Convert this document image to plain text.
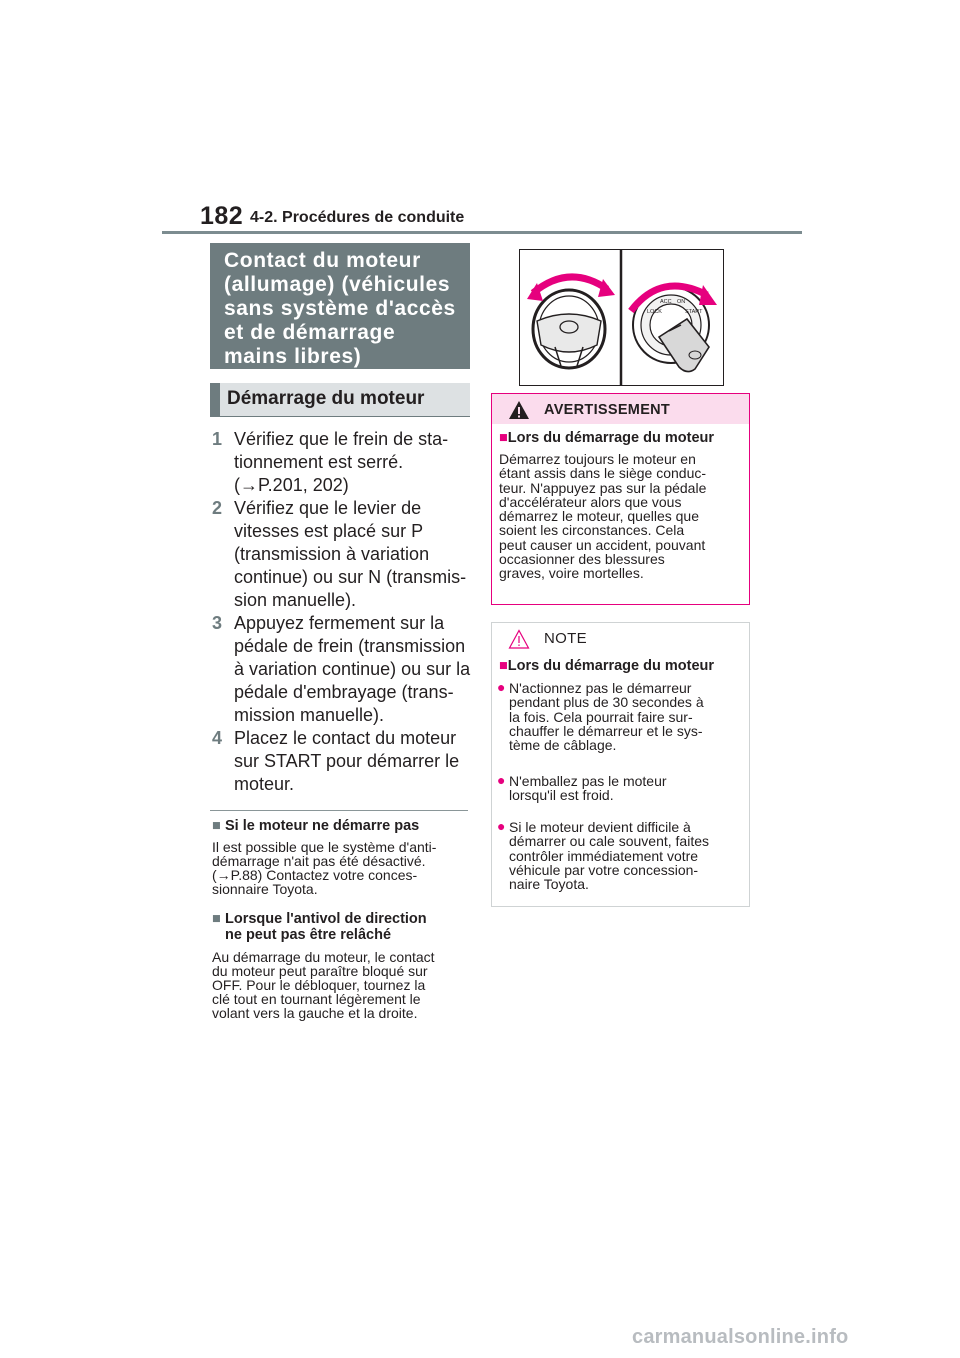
182 4-2. Procédures de conduite
Contact du moteur
(allumage) (véhicules
sans système d'accès
et de démarrage
mains libres)
Démarrage du moteur
1 Vérifiez que le frein de sta-
tionnement est serré.
(→P.201, 202)
2 Vérifiez que le levier de
vitesses est placé sur P
(transmission à variation
continue) ou sur N (transmis-
sion manuelle).
3 Appuyez fermement sur la
pédale de frein (transmission
à variation continue) ou sur la
pédale d'embrayage (trans-
mission manuelle).
4 Placez le contact du moteur
sur START pour démarrer le
moteur.
■ Si le moteur ne démarre pas
Il est possible que le système d'anti-
démarrage n'ait pas été désactivé.
(→P.88) Contactez votre conces-
sionnaire Toyota.
■ Lorsque l'antivol de direction
ne peut pas être relâché
Au démarrage du moteur, le contact
du moteur peut paraître bloqué sur
OFF. Pour le débloquer, tournez la
clé tout en tournant légèrement le
volant vers la gauche et la droite.
LOCK
ACC ON
START
AVERTISSEMENT
■Lors du démarrage du moteur
Démarrez toujours le moteur en
étant assis dans le siège conduc-
teur. N'appuyez pas sur la pédale
d'accélérateur alors que vous
démarrez le moteur, quelles que
soient les circonstances. Cela
peut causer un accident, pouvant
occasionner des blessures
graves, voire mortelles.
NOTE
■Lors du démarrage du moteur
● N'actionnez pas le démarreur
pendant plus de 30 secondes à
la fois. Cela pourrait faire sur-
chauffer le démarreur et le sys-
tème de câblage.
● N'emballez pas le moteur
lorsqu'il est froid.
● Si le moteur devient difficile à
démarrer ou cale souvent, faites
contrôler immédiatement votre
véhicule par votre concession-
naire Toyota.
carmanualsonline.info
